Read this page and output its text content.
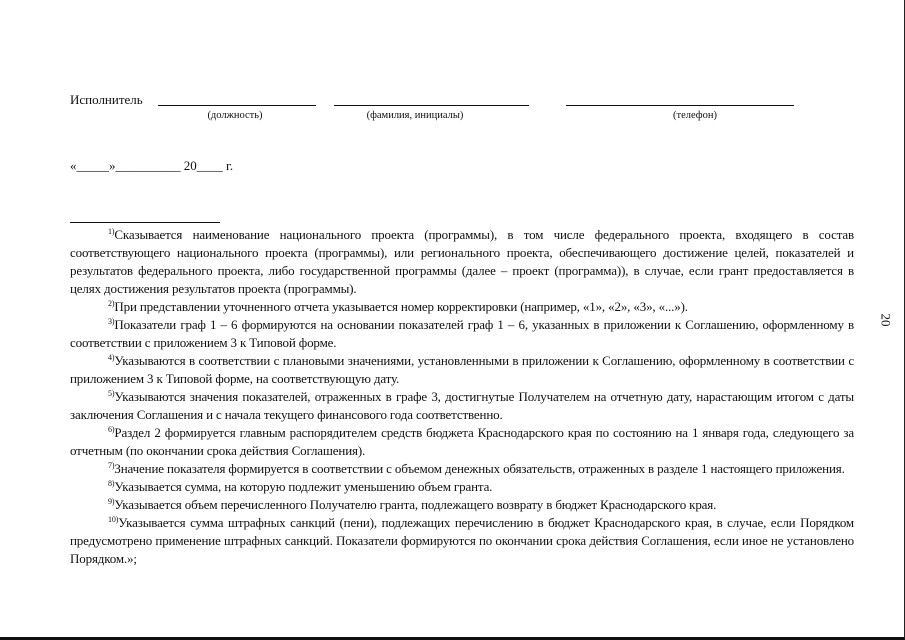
Исполнитель
(должность)	(фамилия, инициалы)	(телефон)
«_____»__________ 20____ г.

$^{1)}$Сказывается наименование национального проекта (программы), в том числе федерального проекта, входящего в состав соответствующего национального проекта (программы), или регионального проекта, обеспечивающего достижение целей, показателей и результатов федерального проекта, либо государственной программы (далее – проект (программа)), в случае, если грант предоставляется в целях достижения результатов проекта (программы).

$^{2)}$При представлении уточненного отчета указывается номер корректировки (например, «1», «2», «3», «...»).

$^{3)}$Показатели граф 1 – 6 формируются на основании показателей граф 1 – 6, указанных в приложении к Соглашению, оформленному в соответствии с приложением 3 к Типовой форме.

$^{4)}$Указываются в соответствии с плановыми значениями, установленными в приложении к Соглашению, оформленному в соответствии с приложением 3 к Типовой форме, на соответствующую дату.

$^{5)}$Указываются значения показателей, отраженных в графе 3, достигнутые Получателем на отчетную дату, нарастающим итогом с даты заключения Соглашения и с начала текущего финансового года соответственно.

$^{6)}$Раздел 2 формируется главным распорядителем средств бюджета Краснодарского края по состоянию на 1 января года, следующего за отчетным (по окончании срока действия Соглашения).

$^{7)}$Значение показателя формируется в соответствии с объемом денежных обязательств, отраженных в разделе 1 настоящего приложения.

$^{8)}$Указывается сумма, на которую подлежит уменьшению объем гранта.

$^{9)}$Указывается объем перечисленного Получателю гранта, подлежащего возврату в бюджет Краснодарского края.

$^{10)}$Указывается сумма штрафных санкций (пени), подлежащих перечислению в бюджет Краснодарского края, в случае, если Порядком предусмотрено применение штрафных санкций. Показатели формируются по окончании срока действия Соглашения, если иное не установлено Порядком.»;

20
